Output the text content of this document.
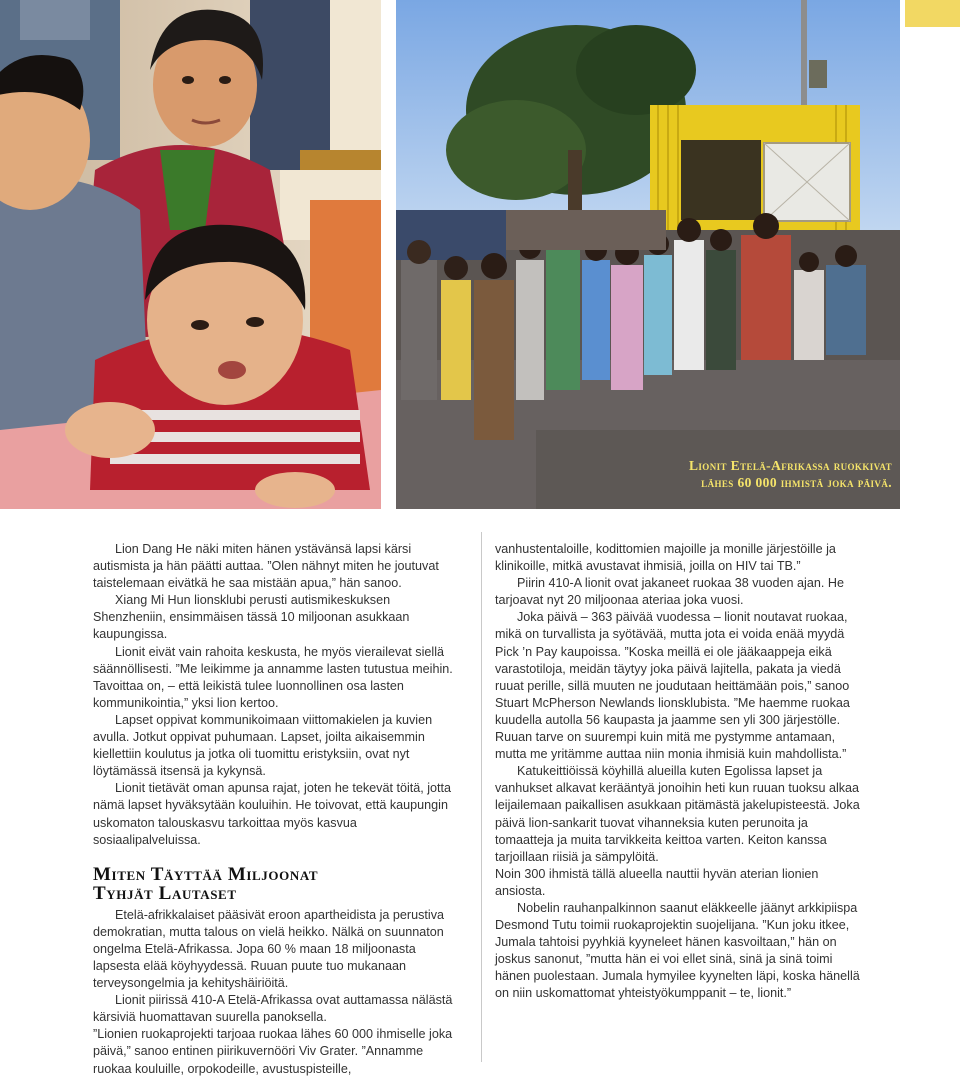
Lionit Etelä-Afrikassa ruokkivat
lähes 60 000 ihmistä joka päivä.

Lion Dang He näki miten hänen ystävänsä lapsi kärsi autismista ja hän päätti auttaa. ”Olen nähnyt miten he joutuvat taistelemaan eivätkä he saa mistään apua,” hän sanoo.

Xiang Mi Hun lionsklubi perusti autismikeskuksen Shenzheniin, ensimmäisen tässä 10 miljoonan asukkaan kaupungissa.

Lionit eivät vain rahoita keskusta, he myös vierailevat siellä säännöllisesti. ”Me leikimme ja annamme lasten tutustua meihin. Tavoittaa on, – että leikistä tulee luonnollinen osa lasten kommunikointia,” yksi lion kertoo.

Lapset oppivat kommunikoimaan viittomakielen ja kuvien avulla. Jotkut oppivat puhumaan. Lapset, joilta aikaisemmin kiellettiin koulutus ja jotka oli tuomittu eristyksiin, ovat nyt löytämässä itsensä ja kykynsä.

Lionit tietävät oman apunsa rajat, joten he tekevät töitä, jotta nämä lapset hyväksytään kouluihin. He toivovat, että kaupungin uskomaton talouskasvu tarkoittaa myös kasvua sosiaalipalveluissa.

Miten Täyttää Miljoonat
Tyhjät Lautaset

Etelä-afrikkalaiset pääsivät eroon apartheidista ja perustiva demokratian, mutta talous on vielä heikko. Nälkä on suunnaton ongelma Etelä-Afrikassa. Jopa 60 % maan 18 miljoonasta lapsesta elää köyhyydessä. Ruuan puute tuo mukanaan terveysongelmia ja kehityshäiriöitä.

Lionit piirissä 410-A Etelä-Afrikassa ovat auttamassa nälästä kärsiviä huomattavan suurella panoksella.

”Lionien ruokaprojekti tarjoaa ruokaa lähes 60 000 ihmiselle joka päivä,” sanoo entinen piirikuvernööri Viv Grater. ”Annamme ruokaa kouluille, orpokodeille, avustuspisteille,

vanhustentaloille, kodittomien majoille ja monille järjestöille ja klinikoille, mitkä avustavat ihmisiä, joilla on HIV tai TB.”

Piirin 410-A lionit ovat jakaneet ruokaa 38 vuoden ajan. He tarjoavat nyt 20 miljoonaa ateriaa joka vuosi.

Joka päivä – 363 päivää vuodessa – lionit noutavat ruokaa, mikä on turvallista ja syötävää, mutta jota ei voida enää myydä Pick ’n Pay kaupoissa. ”Koska meillä ei ole jääkaappeja eikä varastotiloja, meidän täytyy joka päivä lajitella, pakata ja viedä ruuat perille, sillä muuten ne joudutaan heittämään pois,” sanoo Stuart McPherson Newlands lionsklubista. ”Me haemme ruokaa kuudella autolla 56 kaupasta ja jaamme sen yli 300 järjestölle. Ruuan tarve on suurempi kuin mitä me pystymme antamaan, mutta me yritämme auttaa niin monia ihmisiä kuin mahdollista.”

Katukeittiöissä köyhillä alueilla kuten Egolissa lapset ja vanhukset alkavat kerääntyä jonoihin heti kun ruuan tuoksu alkaa leijailemaan paikallisen asukkaan pitämästä jakelupisteestä. Joka päivä lion-sankarit tuovat vihanneksia kuten perunoita ja tomaatteja ja muita tarvikkeita keittoa varten. Keiton kanssa tarjoillaan riisiä ja sämpylöitä.

Noin 300 ihmistä tällä alueella nauttii hyvän aterian lionien ansiosta.

Nobelin rauhanpalkinnon saanut eläkkeelle jäänyt arkkipiispa Desmond Tutu toimii ruokaprojektin suojelijana. ”Kun joku itkee, Jumala tahtoisi pyyhkiä kyyneleet hänen kasvoiltaan,” hän on joskus sanonut, ”mutta hän ei voi ellet sinä, sinä ja sinä toimi hänen puolestaan. Jumala hymyilee kyynelten läpi, koska hänellä on niin uskomattomat yhteistyökumppanit – te, lionit.”
